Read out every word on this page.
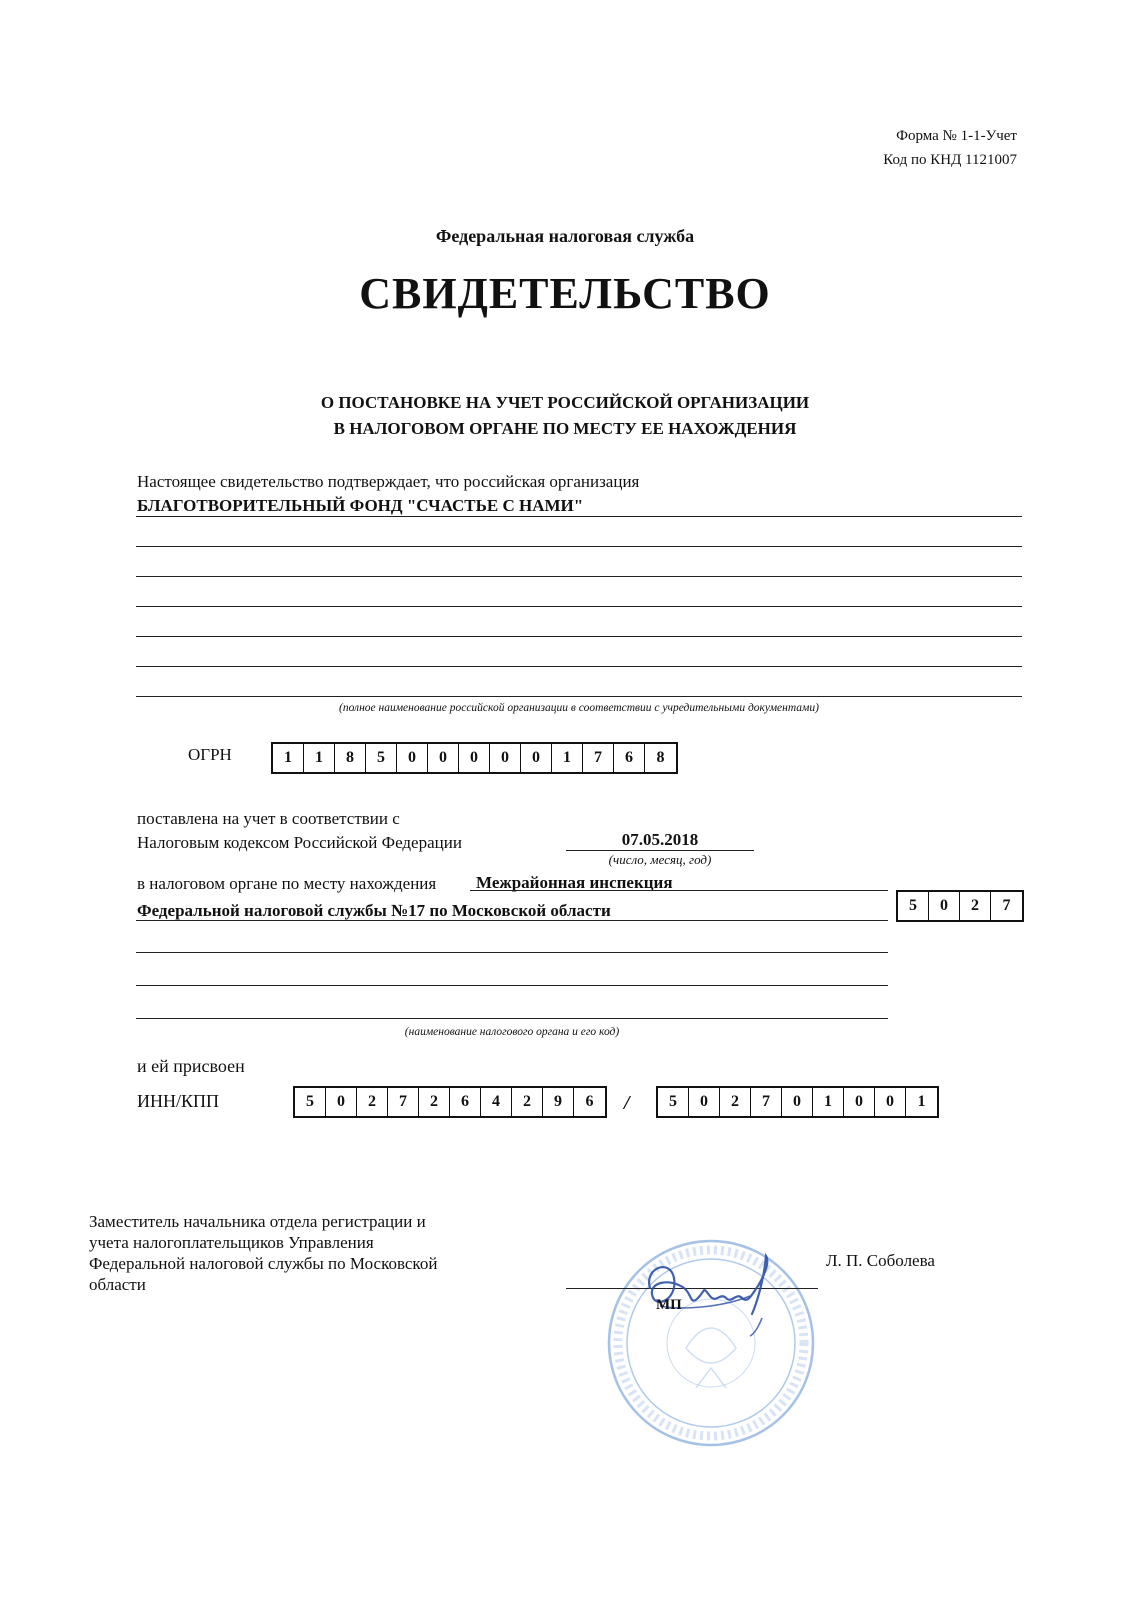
Форма № 1-1-Учет
Код по КНД 1121007
Федеральная налоговая служба
СВИДЕТЕЛЬСТВО
О ПОСТАНОВКЕ НА УЧЕТ РОССИЙСКОЙ ОРГАНИЗАЦИИ
В НАЛОГОВОМ ОРГАНЕ ПО МЕСТУ ЕЕ НАХОЖДЕНИЯ
Настоящее свидетельство подтверждает, что российская организация
БЛАГОТВОРИТЕЛЬНЫЙ ФОНД "СЧАСТЬЕ С НАМИ"
(полное наименование российской организации в соответствии с учредительными документами)
ОГРН	1	1	8	5	0	0	0	0	0	1	7	6	8
поставлена на учет в соответствии с
Налоговым кодексом Российской Федерации	07.05.2018
(число, месяц, год)
в налоговом органе по месту нахождения Межрайонная инспекция
Федеральной налоговой службы №17 по Московской области	5	0	2	7
(наименование налогового органа и его код)
и ей присвоен
ИНН/КПП	5	0	2	7	2	6	4	2	9	6	/	5	0	2	7	0	1	0	0	1
Заместитель начальника отдела регистрации и
учета налогоплательщиков Управления
Федеральной налоговой службы по Московской
области
МП
Л. П. Соболева
